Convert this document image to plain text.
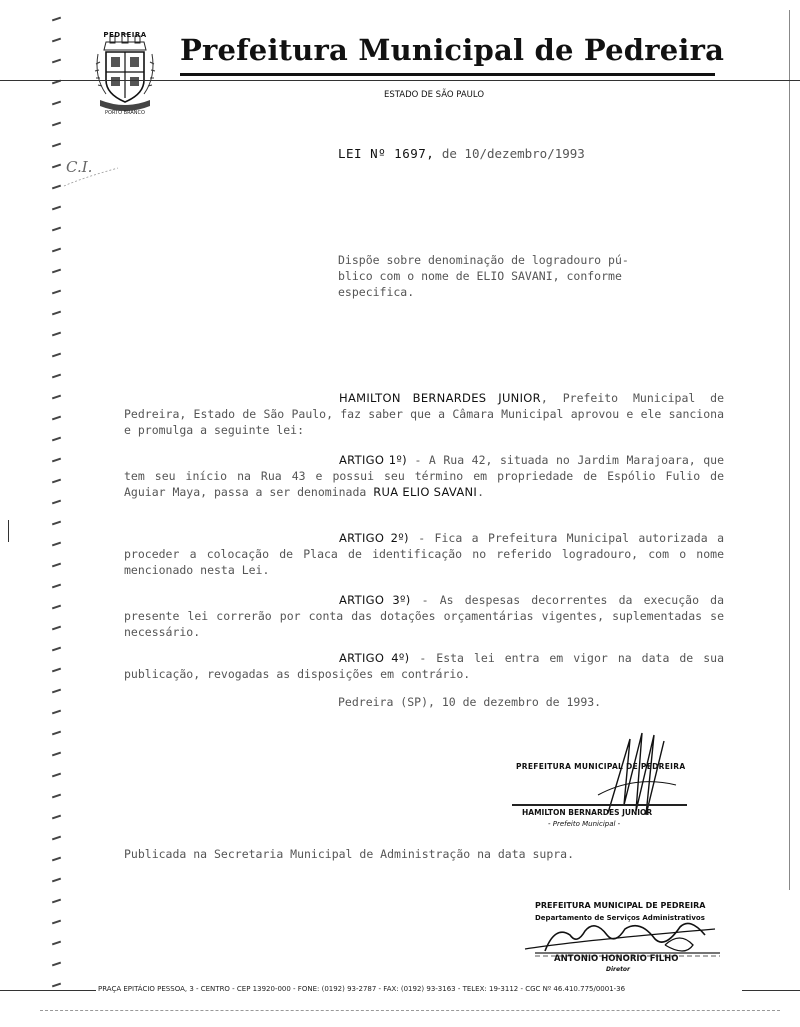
PEDREIRA
PORTO BRANCO
Prefeitura Municipal de Pedreira
ESTADO DE SÃO PAULO
C.I.
LEI Nº 1697, de 10/dezembro/1993
Dispõe sobre denominação de logradouro pú-
blico com o nome de ELIO SAVANI, conforme
especifica.
HAMILTON BERNARDES JUNIOR, Prefeito Municipal de Pedreira, Estado de São Paulo, faz saber que a Câmara Municipal aprovou e ele sanciona e promulga a seguinte lei:
ARTIGO 1º) - A Rua 42, situada no Jardim Marajoara, que tem seu início na Rua 43 e possui seu término em propriedade de Espólio Fulio de Aguiar Maya, passa a ser denominada RUA ELIO SAVANI.
ARTIGO 2º) - Fica a Prefeitura Municipal autorizada a proceder a colocação de Placa de identificação no referido logradouro, com o nome mencionado nesta Lei.
ARTIGO 3º) - As despesas decorrentes da execução da presente lei correrão por conta das dotações orçamentárias vigentes, suplementadas se necessário.
ARTIGO 4º) - Esta lei entra em vigor na data de sua publicação, revogadas as disposições em contrário.
Pedreira (SP), 10 de dezembro de 1993.
PREFEITURA MUNICIPAL DE PEDREIRA
HAMILTON BERNARDES JUNIOR
- Prefeito Municipal -
Publicada na Secretaria Municipal de Administração na data supra.
PREFEITURA MUNICIPAL DE PEDREIRA
Departamento de Serviços Administrativos
ANTONIO HONORIO FILHO
Diretor
PRAÇA EPITÁCIO PESSOA, 3 - CENTRO - CEP 13920-000 - FONE: (0192) 93-2787 - FAX: (0192) 93-3163 - TELEX: 19-3112 - CGC Nº 46.410.775/0001-36
